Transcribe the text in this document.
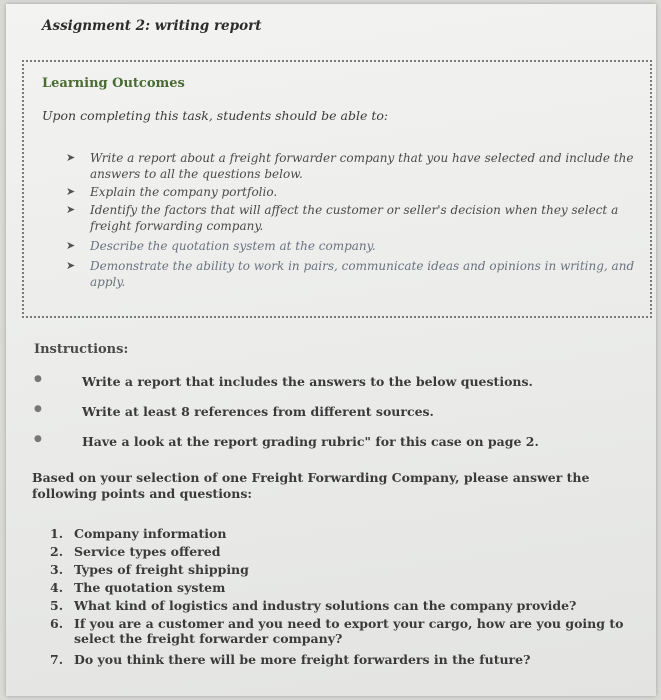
Assignment 2: writing report
Learning Outcomes
Upon completing this task, students should be able to:
➤	Write a report about a freight forwarder company that you have selected and include the answers to all the questions below.
➤	Explain the company portfolio.
➤	Identify the factors that will affect the customer or seller's decision when they select a freight forwarding company.
➤	Describe the quotation system at the company.
➤	Demonstrate the ability to work in pairs, communicate ideas and opinions in writing, and apply.
Instructions:
●	Write a report that includes the answers to the below questions.
●	Write at least 8 references from different sources.
●	Have a look at the report grading rubric" for this case on page 2.
Based on your selection of one Freight Forwarding Company, please answer the following points and questions:
1. Company information
2. Service types offered
3. Types of freight shipping
4. The quotation system
5. What kind of logistics and industry solutions can the company provide?
6. If you are a customer and you need to export your cargo, how are you going to select the freight forwarder company?
7. Do you think there will be more freight forwarders in the future?
